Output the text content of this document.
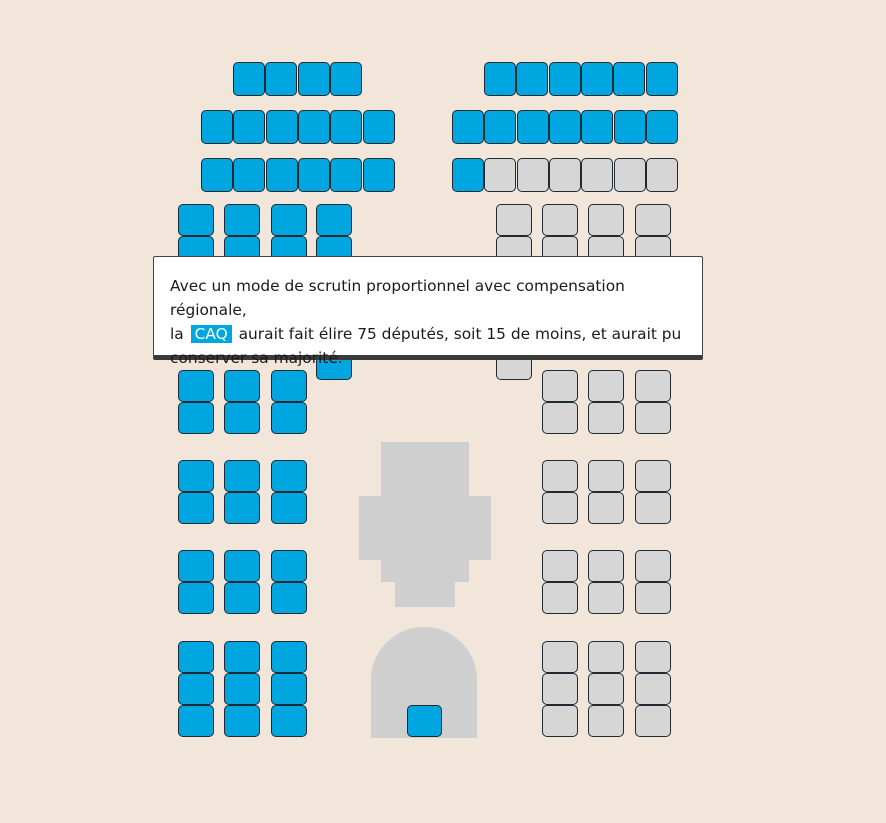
Avec un mode de scrutin proportionnel avec compensation régionale,
la CAQ aurait fait élire 75 députés, soit 15 de moins, et aurait pu
conserver sa majorité.
